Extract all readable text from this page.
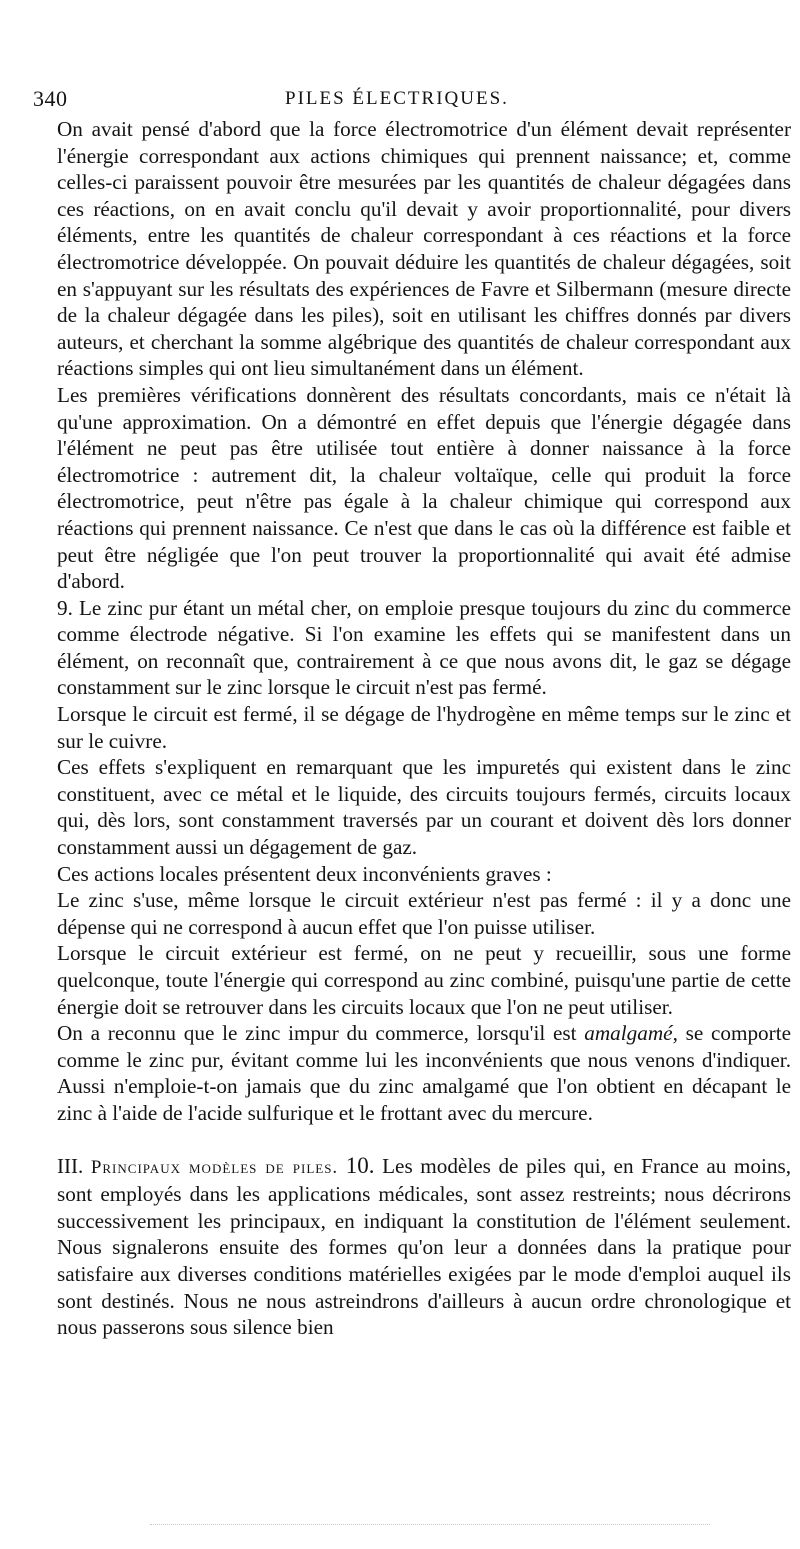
340	PILES ÉLECTRIQUES.

On avait pensé d'abord que la force électromotrice d'un élément devait représenter l'énergie correspondant aux actions chimiques qui prennent naissance; et, comme celles-ci paraissent pouvoir être mesurées par les quantités de chaleur dégagées dans ces réactions, on en avait conclu qu'il devait y avoir proportionnalité, pour divers éléments, entre les quantités de chaleur correspondant à ces réactions et la force électromotrice développée. On pouvait déduire les quantités de chaleur dégagées, soit en s'appuyant sur les résultats des expériences de Favre et Silbermann (mesure directe de la chaleur dégagée dans les piles), soit en utilisant les chiffres donnés par divers auteurs, et cherchant la somme algébrique des quantités de chaleur correspondant aux réactions simples qui ont lieu simultanément dans un élément.

Les premières vérifications donnèrent des résultats concordants, mais ce n'était là qu'une approximation. On a démontré en effet depuis que l'énergie dégagée dans l'élément ne peut pas être utilisée tout entière à donner naissance à la force électromotrice : autrement dit, la chaleur voltaïque, celle qui produit la force électromotrice, peut n'être pas égale à la chaleur chimique qui correspond aux réactions qui prennent naissance. Ce n'est que dans le cas où la différence est faible et peut être négligée que l'on peut trouver la proportionnalité qui avait été admise d'abord.

9. Le zinc pur étant un métal cher, on emploie presque toujours du zinc du commerce comme électrode négative. Si l'on examine les effets qui se manifestent dans un élément, on reconnaît que, contrairement à ce que nous avons dit, le gaz se dégage constamment sur le zinc lorsque le circuit n'est pas fermé.

Lorsque le circuit est fermé, il se dégage de l'hydrogène en même temps sur le zinc et sur le cuivre.

Ces effets s'expliquent en remarquant que les impuretés qui existent dans le zinc constituent, avec ce métal et le liquide, des circuits toujours fermés, circuits locaux qui, dès lors, sont constamment traversés par un courant et doivent dès lors donner constamment aussi un dégagement de gaz.

Ces actions locales présentent deux inconvénients graves :

Le zinc s'use, même lorsque le circuit extérieur n'est pas fermé : il y a donc une dépense qui ne correspond à aucun effet que l'on puisse utiliser.

Lorsque le circuit extérieur est fermé, on ne peut y recueillir, sous une forme quelconque, toute l'énergie qui correspond au zinc combiné, puisqu'une partie de cette énergie doit se retrouver dans les circuits locaux que l'on ne peut utiliser.

On a reconnu que le zinc impur du commerce, lorsqu'il est amalgamé, se comporte comme le zinc pur, évitant comme lui les inconvénients que nous venons d'indiquer. Aussi n'emploie-t-on jamais que du zinc amalgamé que l'on obtient en décapant le zinc à l'aide de l'acide sulfurique et le frottant avec du mercure.

III. Principaux modèles de piles. 10. Les modèles de piles qui, en France au moins, sont employés dans les applications médicales, sont assez restreints; nous décrirons successivement les principaux, en indiquant la constitution de l'élément seulement. Nous signalerons ensuite des formes qu'on leur a données dans la pratique pour satisfaire aux diverses conditions matérielles exigées par le mode d'emploi auquel ils sont destinés. Nous ne nous astreindrons d'ailleurs à aucun ordre chronologique et nous passerons sous silence bien
